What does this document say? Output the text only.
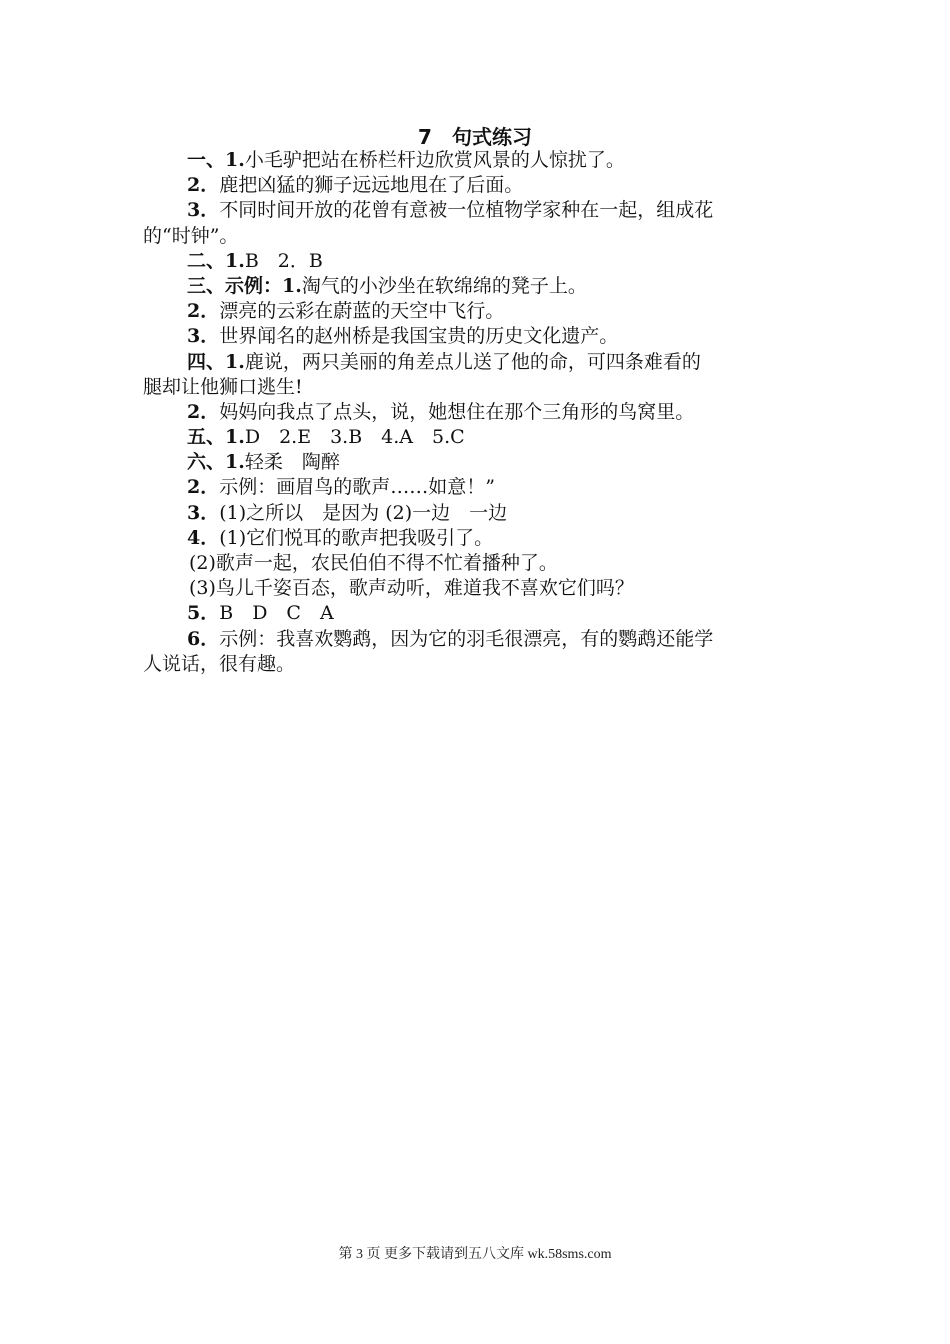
7　句式练习
一、1.小毛驴把站在桥栏杆边欣赏风景的人惊扰了。
2．鹿把凶猛的狮子远远地甩在了后面。
3．不同时间开放的花曾有意被一位植物学家种在一起，组成花
的“时钟”。
二、1.B　2．B
三、示例：1.淘气的小沙坐在软绵绵的凳子上。
2．漂亮的云彩在蔚蓝的天空中飞行。
3．世界闻名的赵州桥是我国宝贵的历史文化遗产。
四、1.鹿说，两只美丽的角差点儿送了他的命，可四条难看的
腿却让他狮口逃生!
2．妈妈向我点了点头，说，她想住在那个三角形的鸟窝里。
五、1.D　2.E　3.B　4.A　5.C
六、1.轻柔　陶醉
2．示例：画眉鸟的歌声……如意！”
3．(1)之所以　是因为 (2)一边　一边
4．(1)它们悦耳的歌声把我吸引了。
(2)歌声一起，农民伯伯不得不忙着播种了。
(3)鸟儿千姿百态，歌声动听，难道我不喜欢它们吗？
5．B　D　C　A
6．示例：我喜欢鹦鹉，因为它的羽毛很漂亮，有的鹦鹉还能学
人说话，很有趣。
第 3 页 更多下载请到五八文库 wk.58sms.com
